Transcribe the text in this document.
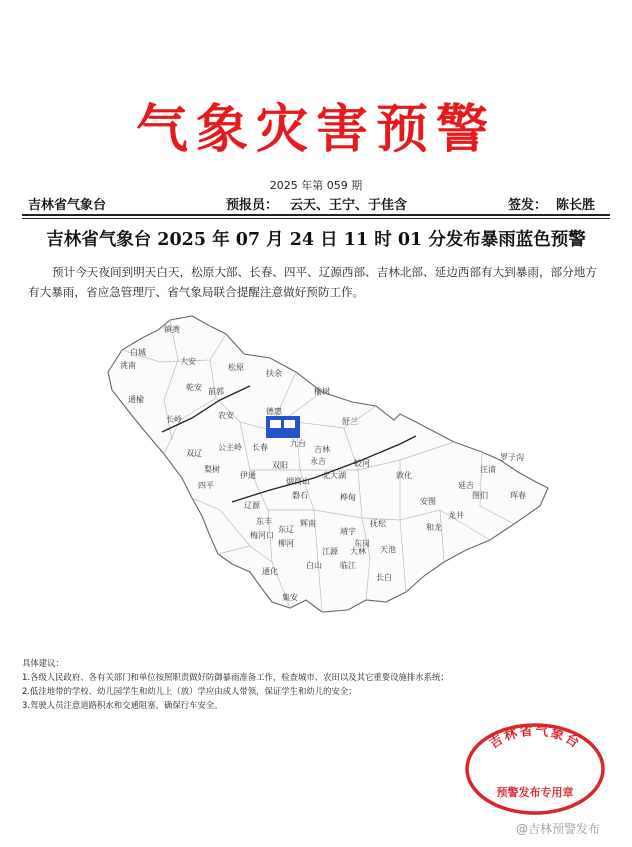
气象灾害预警
2025 年第 059 期
吉林省气象台	预报员： 云天、王宁、于佳含	签发： 陈长胜
吉林省气象台 2025 年 07 月 24 日 11 时 01 分发布暴雨蓝色预警
预计今天夜间到明天白天，松原大部、长春、四平、辽源西部、吉林北部、延边西部有大到暴雨，部分地方有大暴雨，省应急管理厅、省气象局联合提醒注意做好预防工作。
镇赉
白城
洮南	大安
松原
乾安
扶余
通榆
前郭	榆树
长岭	农安	德惠
舒兰
双辽
公主岭 长春	九台
吉林
永吉	蛟河
敦化
梨树
四平
伊通
双阳
磐石	桦甸
汪清
图们	珲春
辽源
东丰
东辽
辉南
靖宇
抚松
安图
和龙
龙井
柳河
梅河口
通化
白山
江源
临江
长白
集安
延吉
罗子沟
北大湖
烟筒山
大林
东岗
天池
具体建议：
1.各级人民政府、各有关部门和单位按照职责做好防御暴雨准备工作，检查城市、农田以及其它重要设施排水系统；
2.低洼地带的学校、幼儿园学生和幼儿上（放）学应由成人带领，保证学生和幼儿的安全；
3.驾驶人员注意道路积水和交通阻塞，确保行车安全。
吉林省气象台
预警发布专用章
@吉林预警发布
